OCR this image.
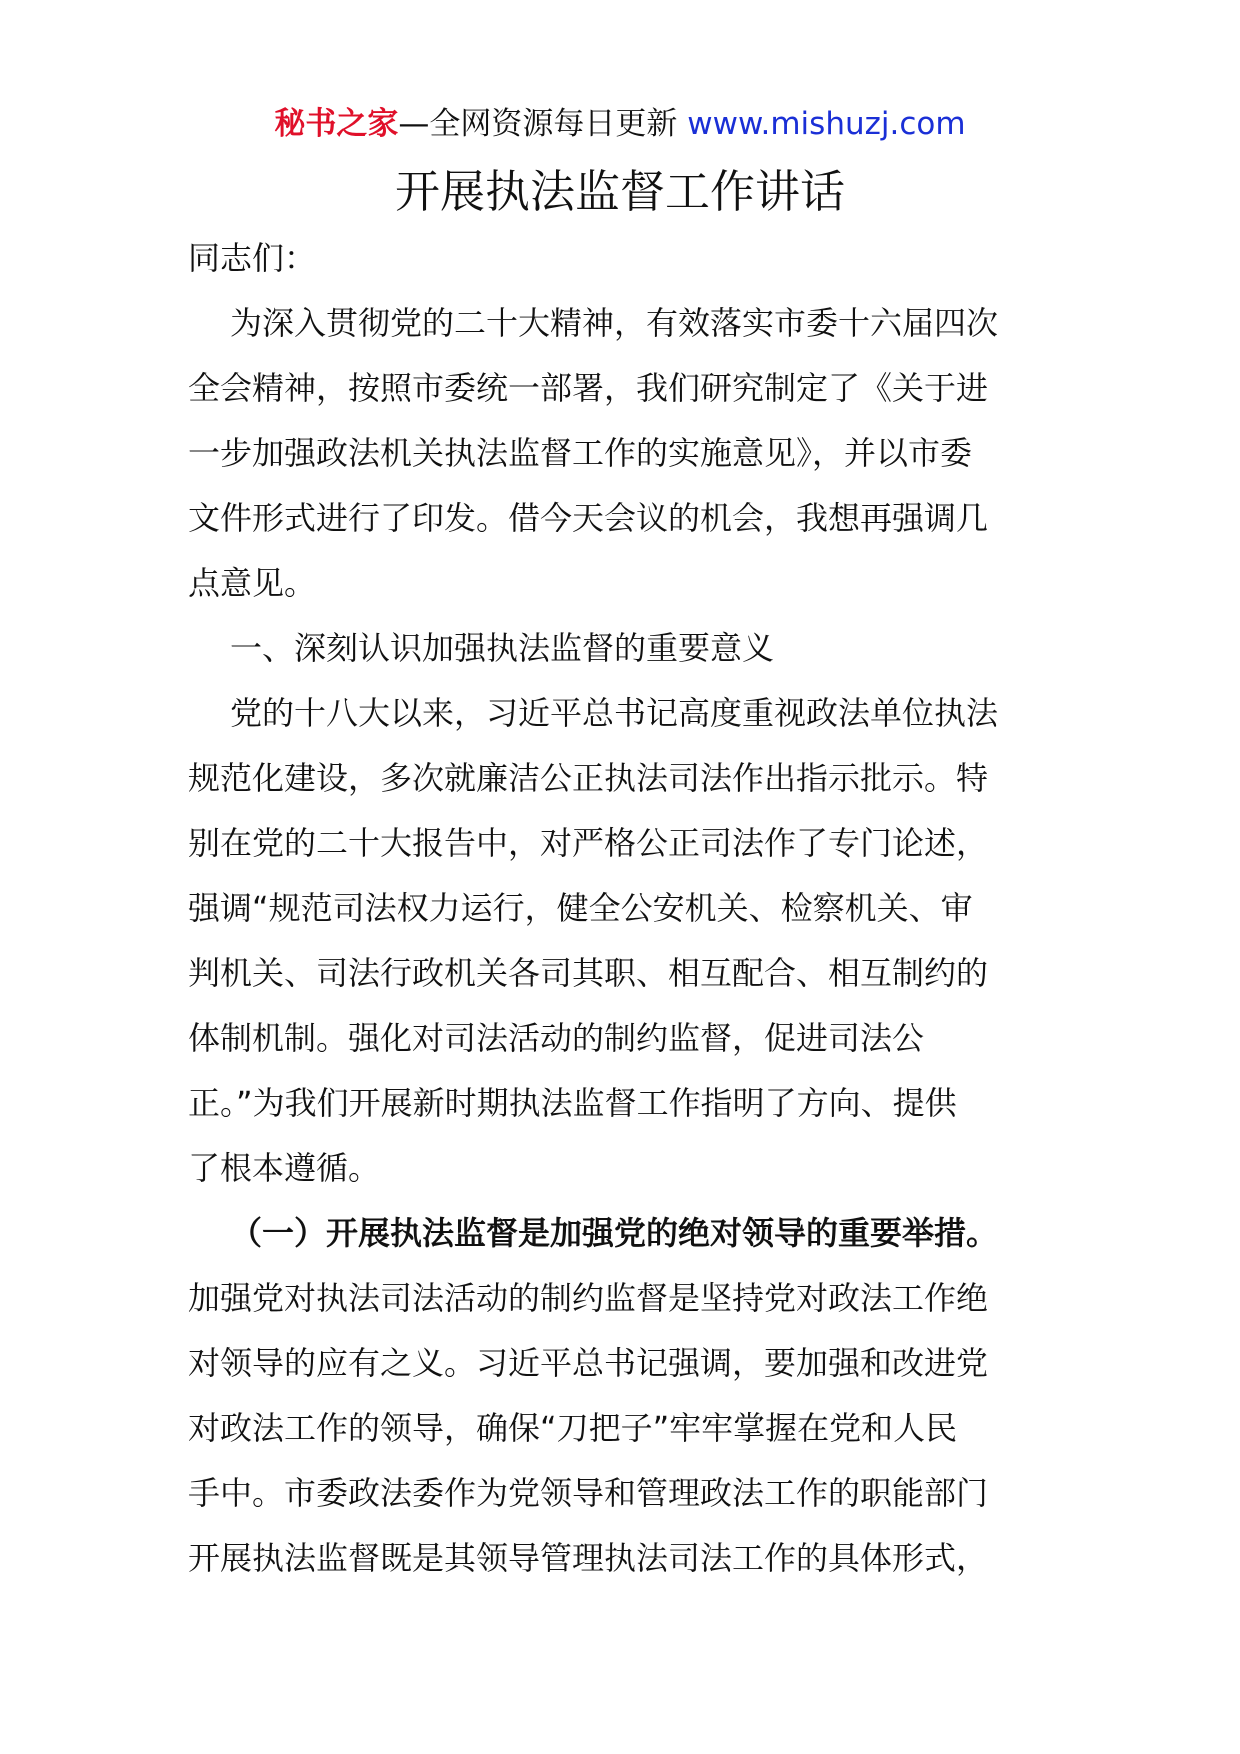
秘书之家—全网资源每日更新 www.mishuzj.com
开展执法监督工作讲话
同志们：
为深入贯彻党的二十大精神，有效落实市委十六届四次
全会精神，按照市委统一部署，我们研究制定了《关于进
一步加强政法机关执法监督工作的实施意见》，并以市委
文件形式进行了印发。借今天会议的机会，我想再强调几
点意见。
一、深刻认识加强执法监督的重要意义
党的十八大以来，习近平总书记高度重视政法单位执法
规范化建设，多次就廉洁公正执法司法作出指示批示。特
别在党的二十大报告中，对严格公正司法作了专门论述，
强调“规范司法权力运行，健全公安机关、检察机关、审
判机关、司法行政机关各司其职、相互配合、相互制约的
体制机制。强化对司法活动的制约监督，促进司法公
正。”为我们开展新时期执法监督工作指明了方向、提供
了根本遵循。
（一）开展执法监督是加强党的绝对领导的重要举措。
加强党对执法司法活动的制约监督是坚持党对政法工作绝
对领导的应有之义。习近平总书记强调，要加强和改进党
对政法工作的领导，确保“刀把子”牢牢掌握在党和人民
手中。市委政法委作为党领导和管理政法工作的职能部门
开展执法监督既是其领导管理执法司法工作的具体形式，
